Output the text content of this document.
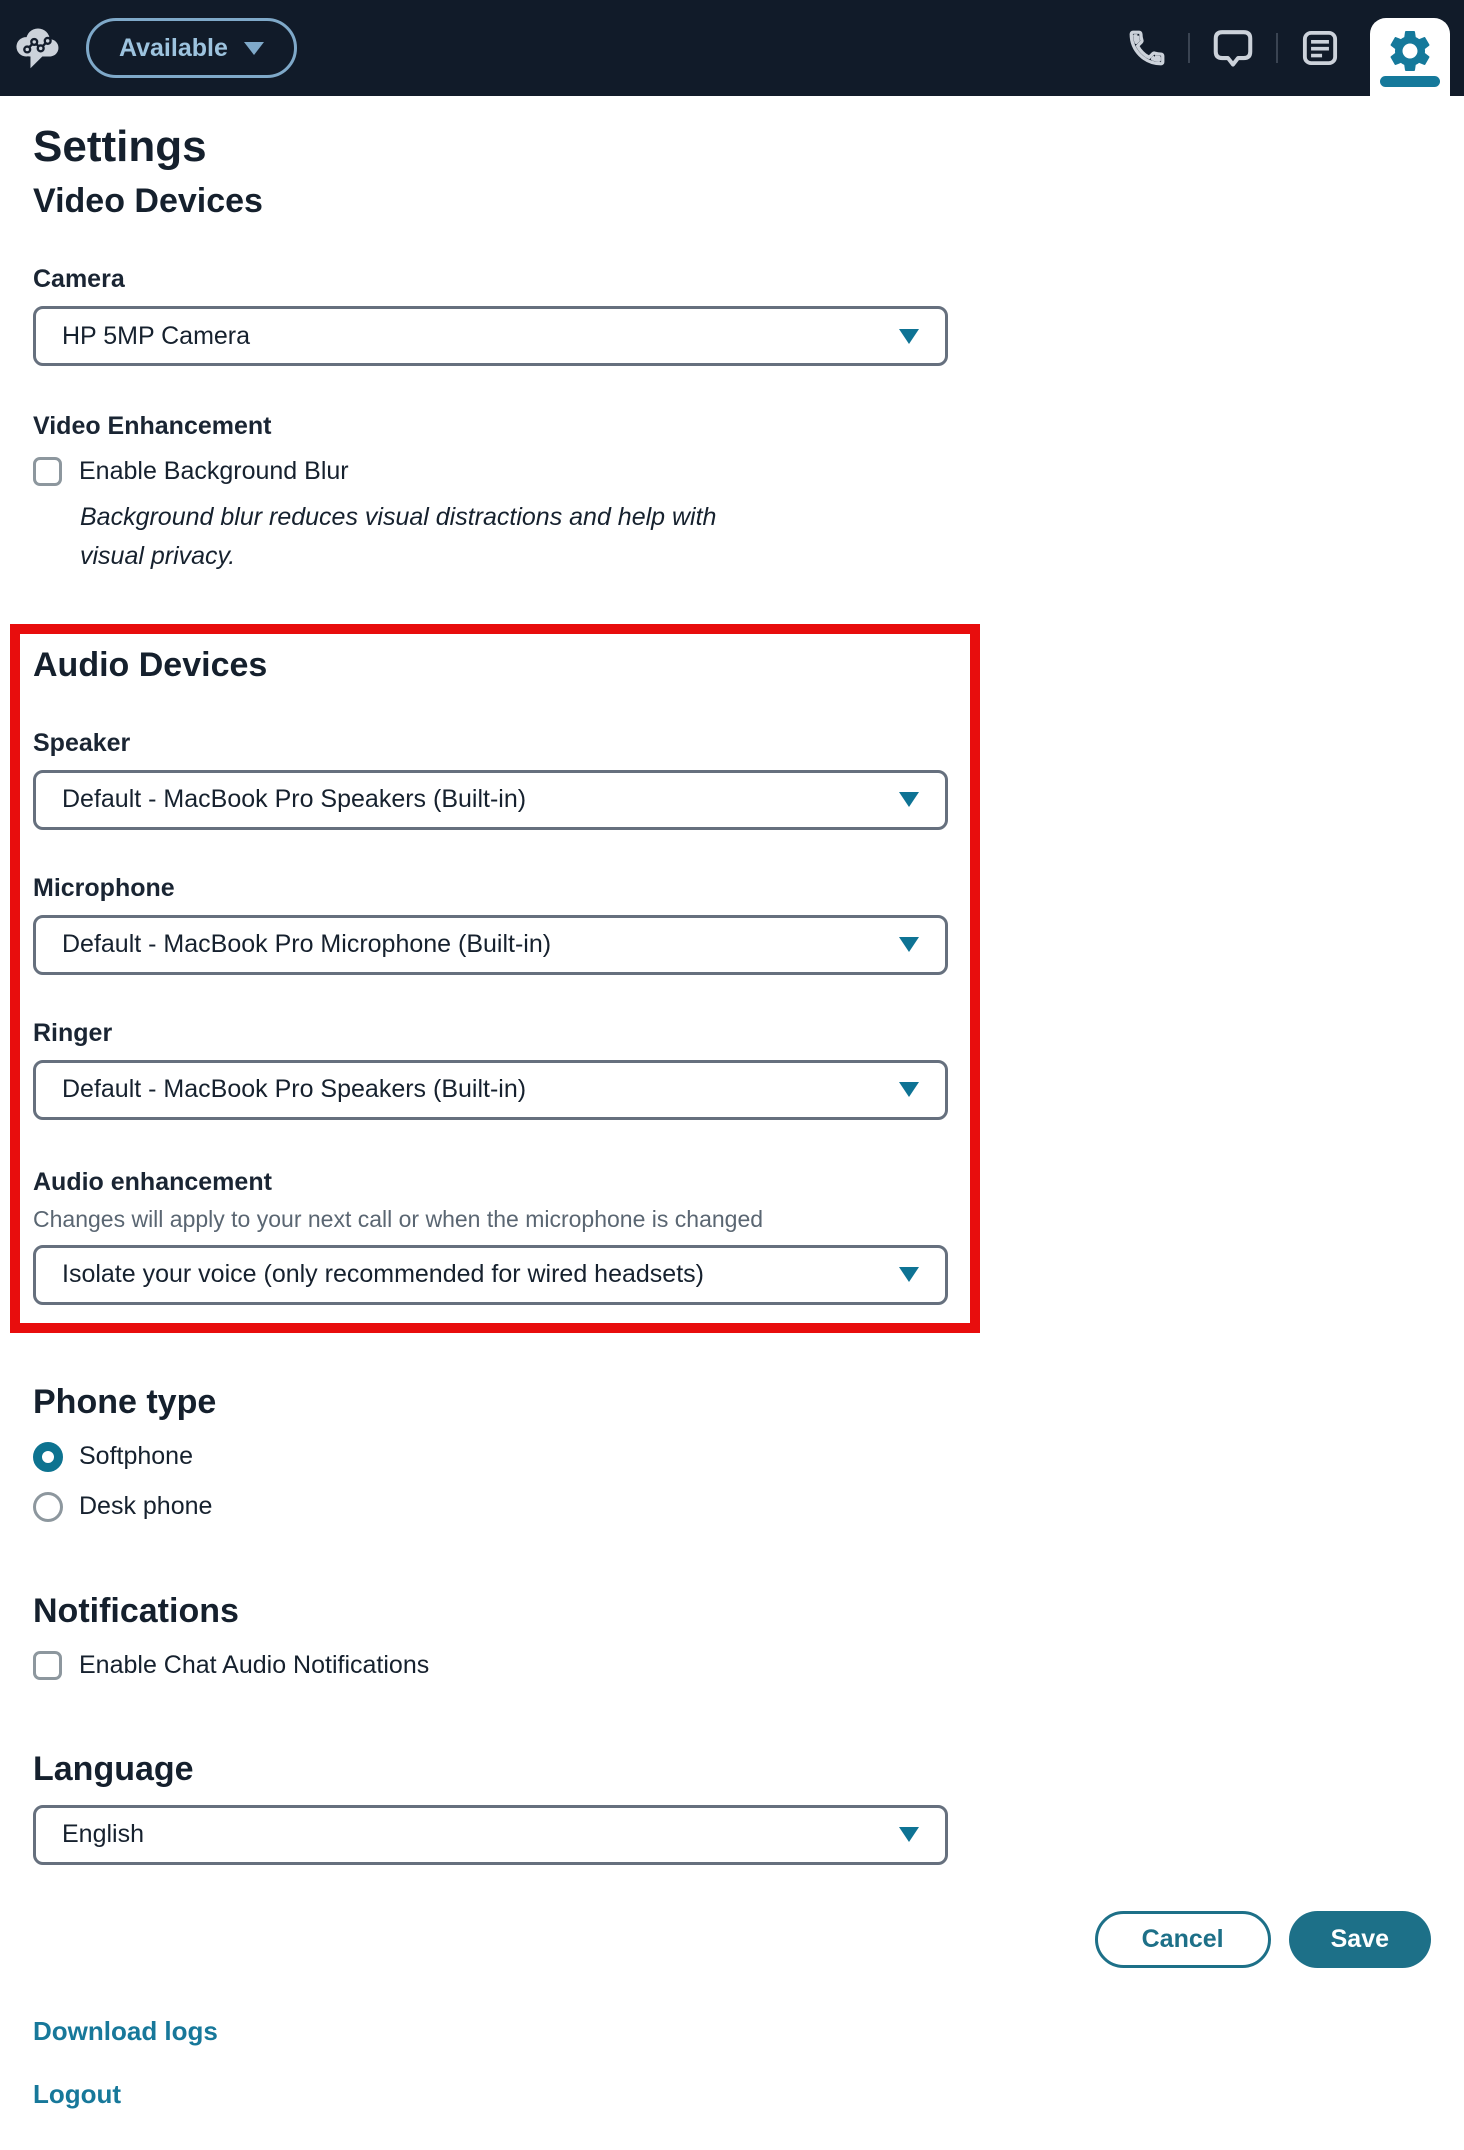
Available
Settings
Video Devices
Camera
HP 5MP Camera
Video Enhancement
Enable Background Blur

Background blur reduces visual distractions and help with visual privacy.

Audio Devices
Speaker
Default - MacBook Pro Speakers (Built-in)
Microphone
Default - MacBook Pro Microphone (Built-in)
Ringer
Default - MacBook Pro Speakers (Built-in)
Audio enhancement

Changes will apply to your next call or when the microphone is changed

Isolate your voice (only recommended for wired headsets)
Phone type
Softphone
Desk phone
Notifications
Enable Chat Audio Notifications
Language
English
Cancel	Save
Download logs
Logout
